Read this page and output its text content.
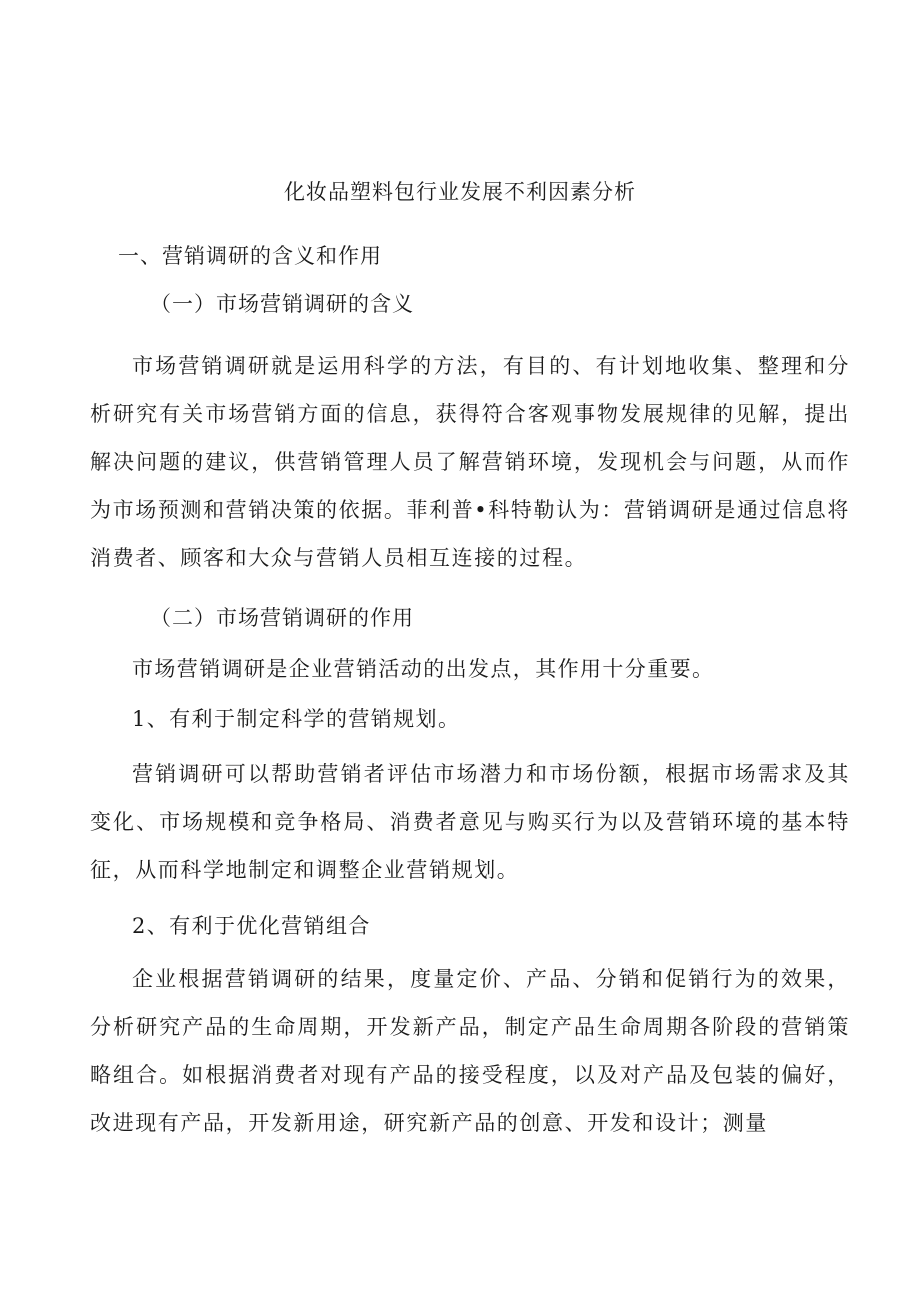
化妆品塑料包行业发展不利因素分析
一、营销调研的含义和作用
（一）市场营销调研的含义
市场营销调研就是运用科学的方法，有目的、有计划地收集、整理和分析研究有关市场营销方面的信息，获得符合客观事物发展规律的见解，提出解决问题的建议，供营销管理人员了解营销环境，发现机会与问题，从而作为市场预测和营销决策的依据。菲利普•科特勒认为：营销调研是通过信息将消费者、顾客和大众与营销人员相互连接的过程。
（二）市场营销调研的作用
市场营销调研是企业营销活动的出发点，其作用十分重要。
1、有利于制定科学的营销规划。
营销调研可以帮助营销者评估市场潜力和市场份额，根据市场需求及其变化、市场规模和竞争格局、消费者意见与购买行为以及营销环境的基本特征，从而科学地制定和调整企业营销规划。
2、有利于优化营销组合
企业根据营销调研的结果，度量定价、产品、分销和促销行为的效果，分析研究产品的生命周期，开发新产品，制定产品生命周期各阶段的营销策略组合。如根据消费者对现有产品的接受程度，以及对产品及包装的偏好，改进现有产品，开发新用途，研究新产品的创意、开发和设计；测量
